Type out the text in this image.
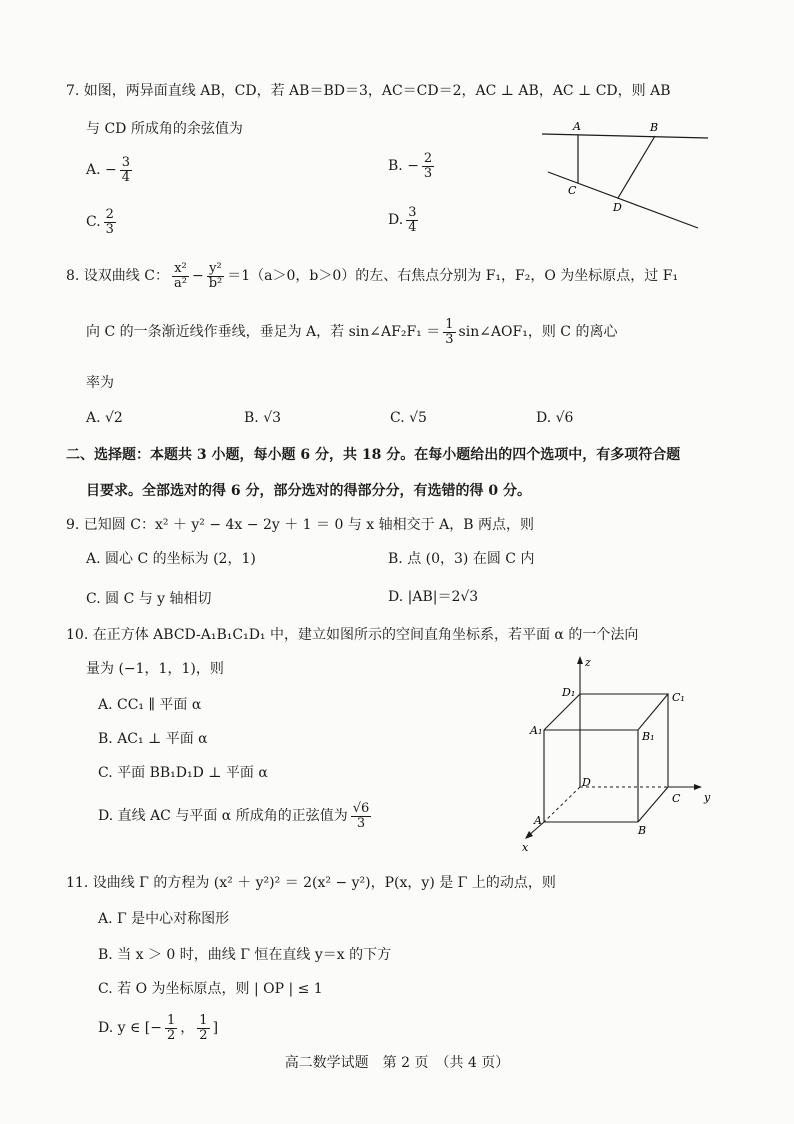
7. 如图，两异面直线 AB，CD，若 AB＝BD＝3，AC＝CD＝2，AC ⊥ AB，AC ⊥ CD，则 AB
与 CD 所成角的余弦值为
A. − $\frac{3}{4}$	B. − $\frac{2}{3}$
C. $\frac{2}{3}$	D. $\frac{3}{4}$
A	B
C
D
8. 设双曲线 C： $\frac{\text{x²}}{\text{a²}} - \frac{\text{y²}}{\text{b²}} =1(a>0$，b＞0）的左、右焦点分别为 F₁，F₂，O 为坐标原点，过 F₁
向 C 的一条渐近线作垂线，垂足为 A，若 sin∠AF₂F₁ ＝ $\frac{1}{3}$ sin∠AOF₁，则 C 的离心
率为
A. √2	B. √3	C. √5	D. √6
二、选择题：本题共 3 小题，每小题 6 分，共 18 分。在每小题给出的四个选项中，有多项符合题
目要求。全部选对的得 6 分，部分选对的得部分分，有选错的得 0 分。
9. 已知圆 C：x² ＋ y² − 4x − 2y ＋ 1 ＝ 0 与 x 轴相交于 A，B 两点，则
A. 圆心 C 的坐标为 (2，1)	B. 点 (0，3) 在圆 C 内
C. 圆 C 与 y 轴相切	D. |AB|＝2√3
10. 在正方体 ABCD-A₁B₁C₁D₁ 中，建立如图所示的空间直角坐标系，若平面 α 的一个法向
量为 (−1，1，1)，则
A. CC₁ ∥ 平面 α
B. AC₁ ⊥ 平面 α
C. 平面 BB₁D₁D ⊥ 平面 α
D. 直线 AC 与平面 α 所成角的正弦值为 $\frac{√6}{3}$
z
y
x
D₁	C₁
A₁	B₁
D
C
A
B
11. 设曲线 Γ 的方程为 (x² ＋ y²)² ＝ 2(x² − y²)，P(x，y) 是 Γ 上的动点，则
A. Γ 是中心对称图形
B. 当 x ＞ 0 时，曲线 Γ 恒在直线 y＝x 的下方
C. 若 O 为坐标原点，则 | OP | ≤ 1
D. y ∈ [− $\frac{1}{2}$ ， $\frac{1}{2}$ ]
高二数学试题　第 2 页　（共 4 页）
